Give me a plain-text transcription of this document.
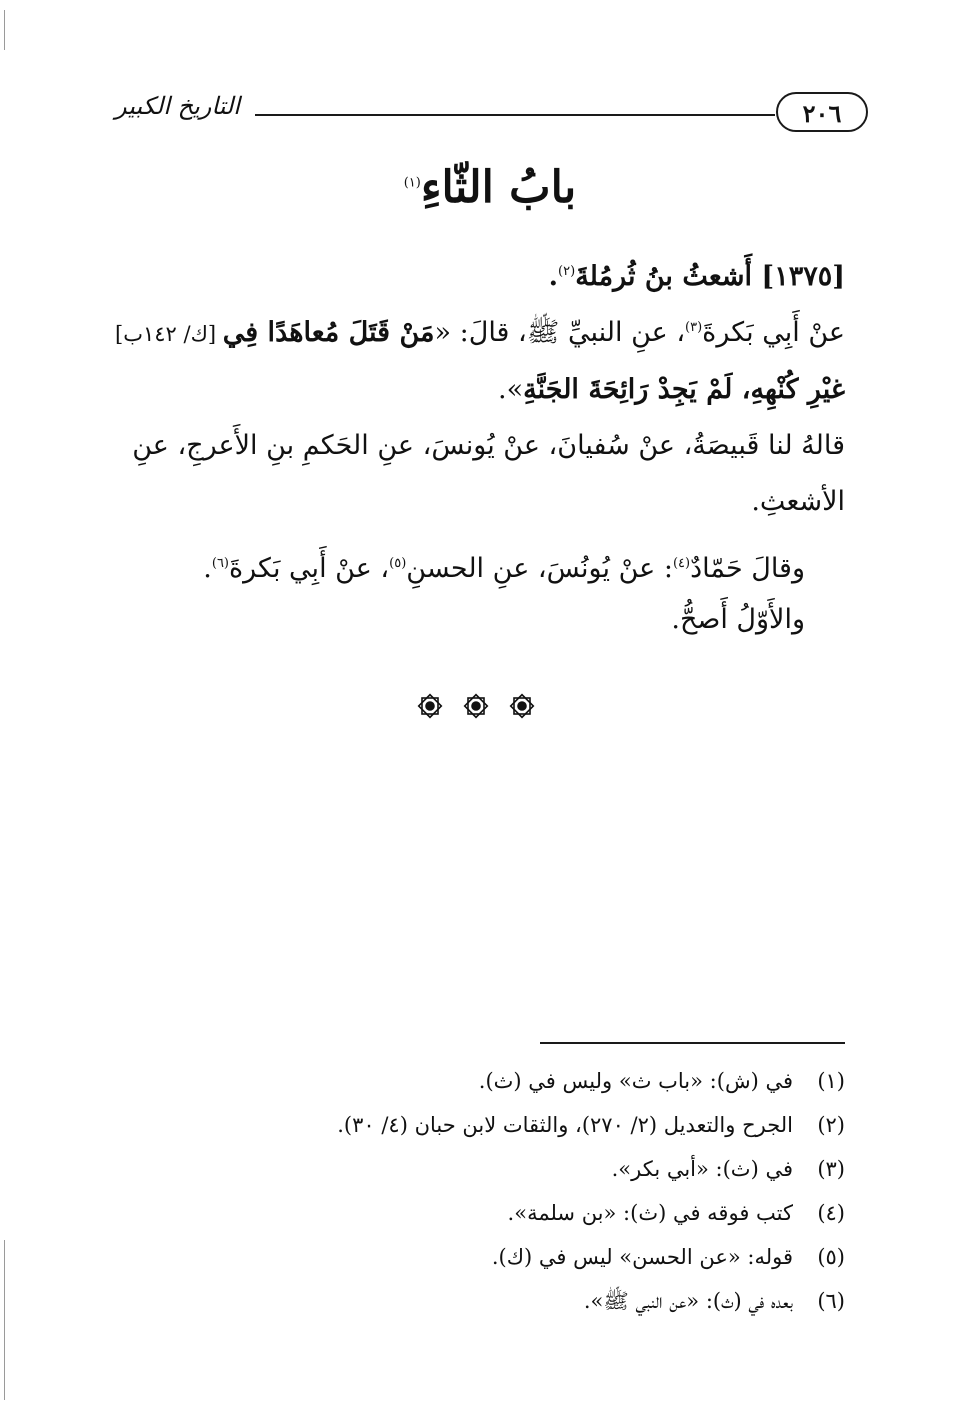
٢٠٦
التاريخ الكبير
بابُ الثّاءِ$^{(١)}$
[١٣٧٥] أَشعثُ بنُ ثُرمُلةَ$^{(٢)}$.
عنْ أَبِي بَكرةَ$^{(٣)}$، عنِ النبيِّ ﷺ، قالَ: «مَنْ قَتَلَ مُعاهَدًا فِي [ك/ ١٤٢ب] غيْرِ كُنْهِهِ، لَمْ يَجِدْ رَائِحَةَ الجَنَّةِ».
قالهُ لنا قَبيصَةُ، عنْ سُفيانَ، عنْ يُونسَ، عنِ الحَكمِ بنِ الأَعرجِ، عنِ الأشعثِ.
وقالَ حَمّادٌ$^{(٤)}$: عنْ يُونُسَ، عنِ الحسنِ$^{(٥)}$، عنْ أَبِي بَكرةَ$^{(٦)}$.
والأَوّلُ أَصحُّ.
(١)
في (ش): «باب ث» وليس في (ث).
(٢)
الجرح والتعديل (٢/ ٢٧٠)، والثقات لابن حبان (٤/ ٣٠).
(٣)
في (ث): «أبي بكر».
(٤)
كتب فوقه في (ث): «بن سلمة».
(٥)
قوله: «عن الحسن» ليس في (ك).
(٦)
بعده في (ث): «عن النبي ﷺ».
